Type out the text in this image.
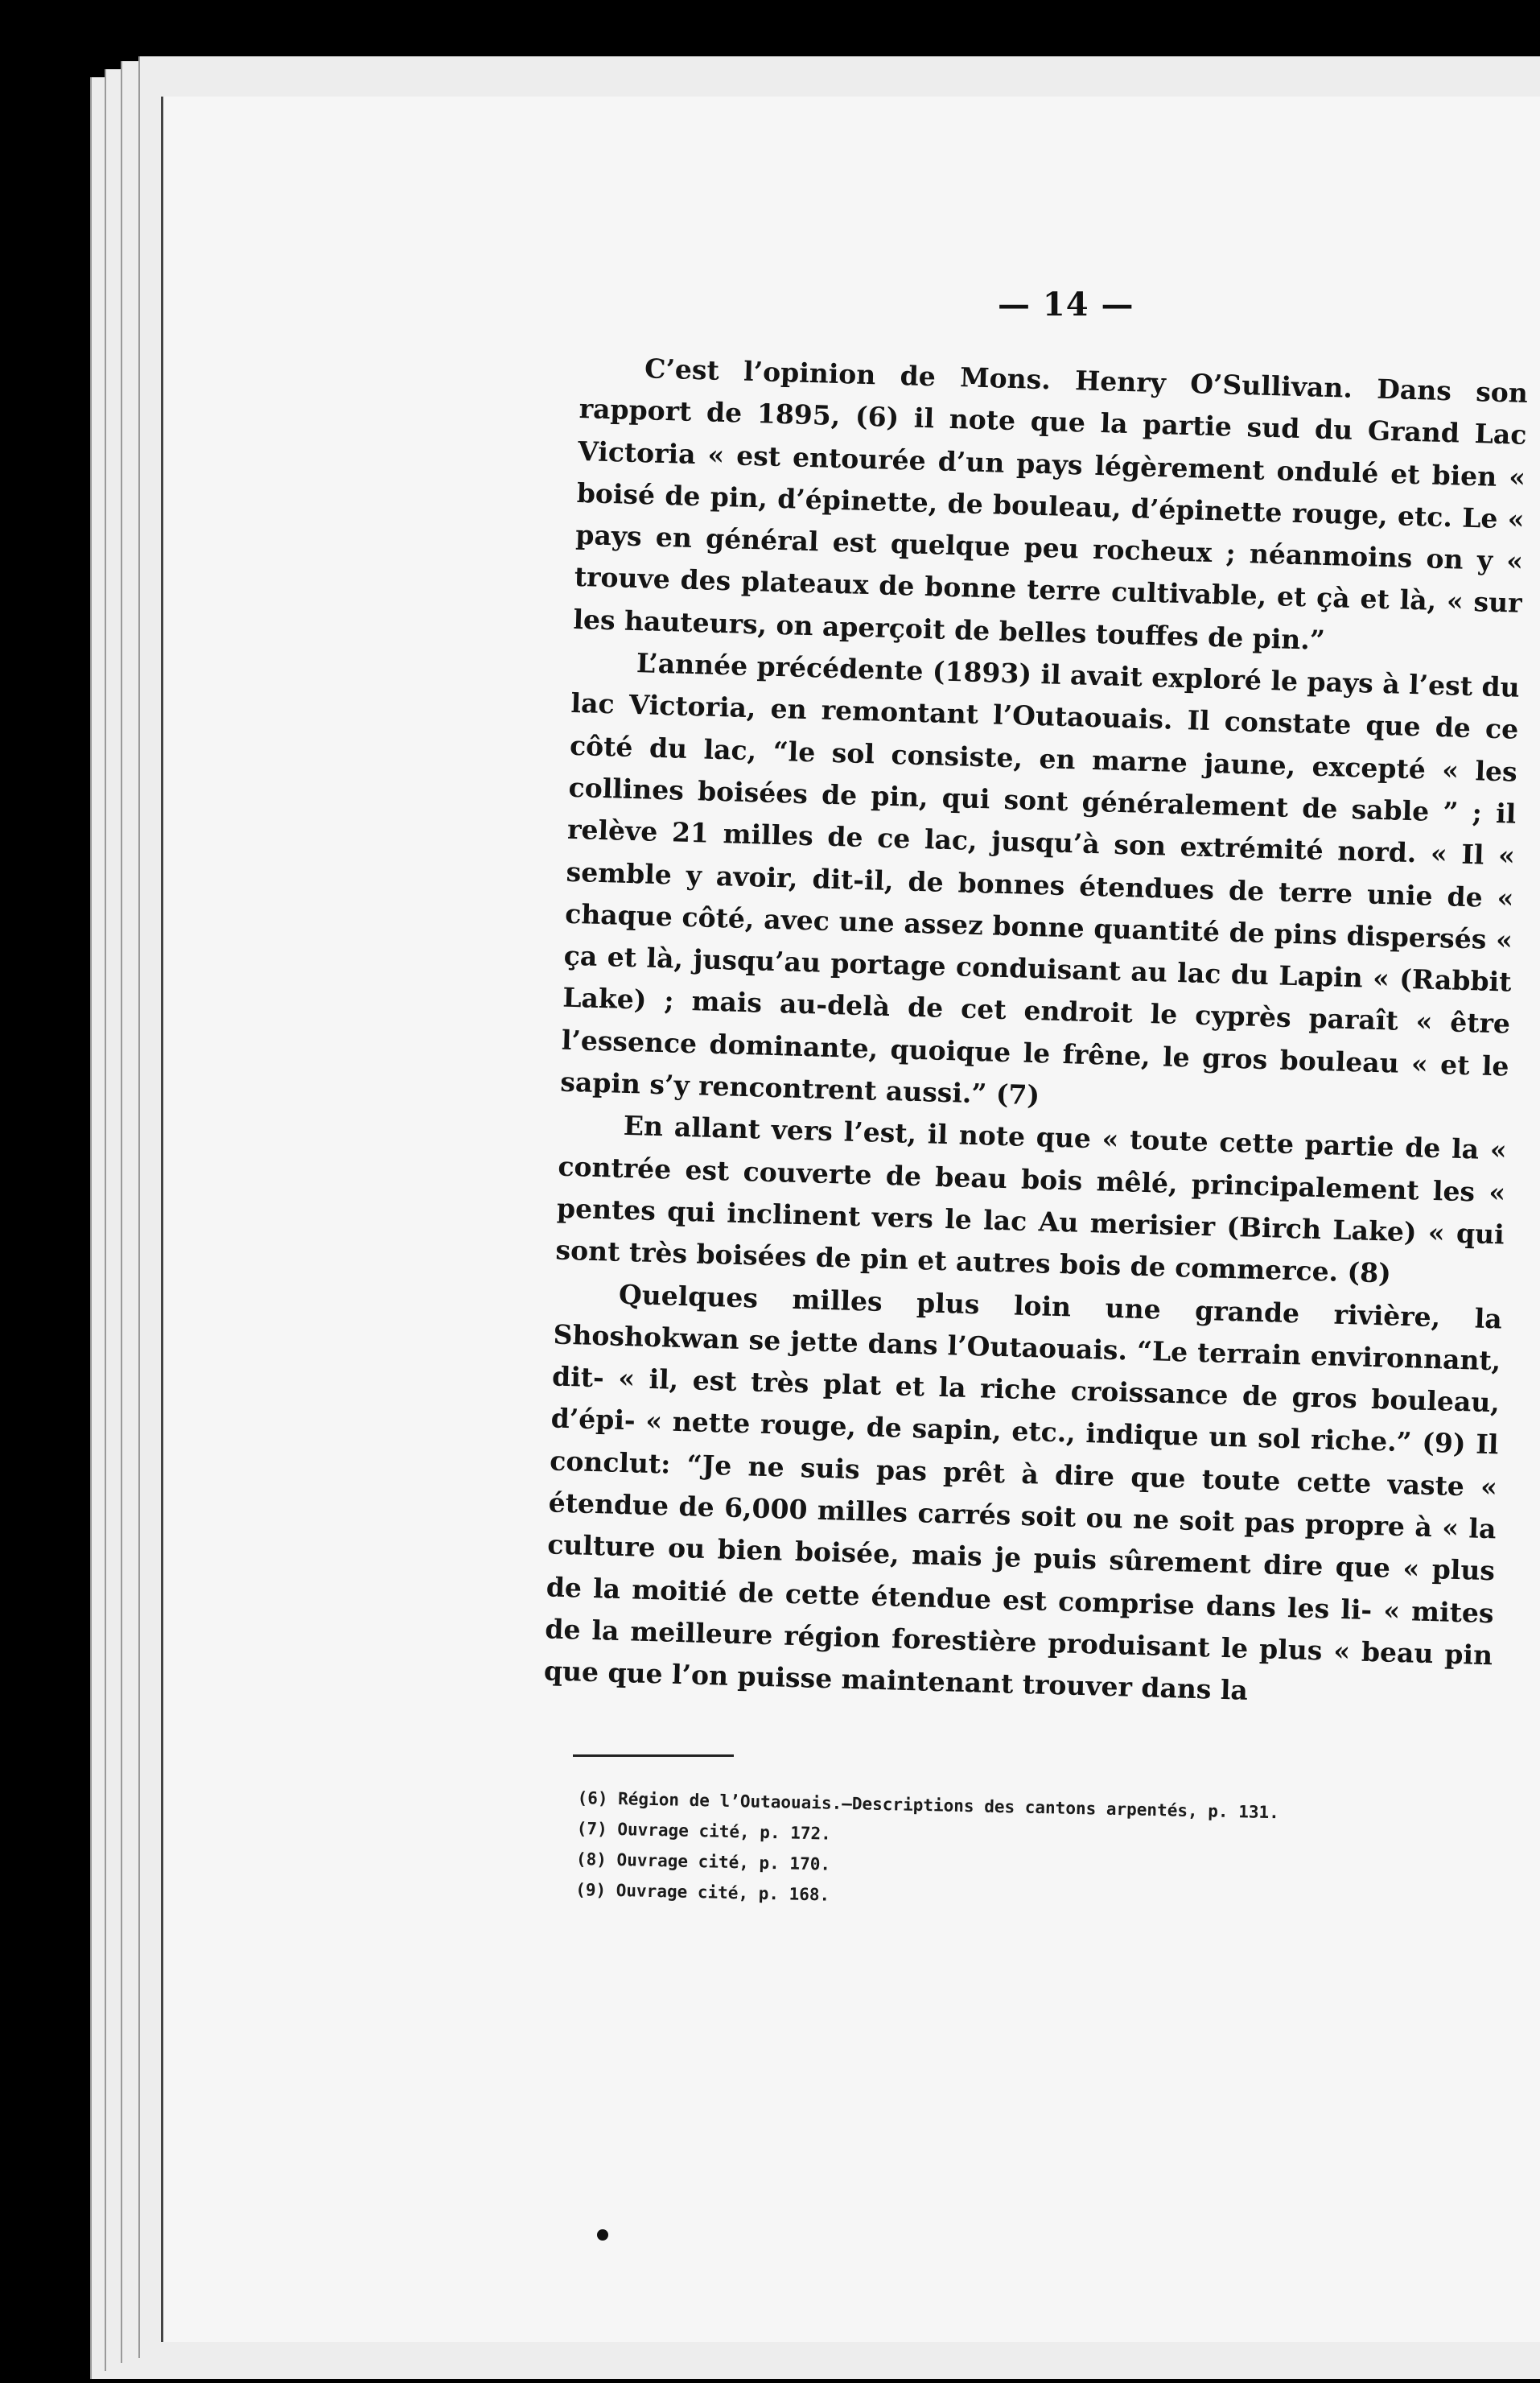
— 14 —

C’est l’opinion de Mons. Henry O’Sullivan. Dans son rapport de 1895, (6) il note que la partie sud du Grand Lac Victoria « est entourée d’un pays légèrement ondulé et bien « boisé de pin, d’épinette, de bouleau, d’épinette rouge, etc. Le « pays en général est quelque peu rocheux ; néanmoins on y « trouve des plateaux de bonne terre cultivable, et çà et là, « sur les hauteurs, on aperçoit de belles touffes de pin.”

L’année précédente (1893) il avait exploré le pays à l’est du lac Victoria, en remontant l’Outaouais. Il constate que de ce côté du lac, “le sol consiste, en marne jaune, excepté « les collines boisées de pin, qui sont généralement de sable ” ; il relève 21 milles de ce lac, jusqu’à son extrémité nord. « Il « semble y avoir, dit-il, de bonnes étendues de terre unie de « chaque côté, avec une assez bonne quantité de pins dispersés « ça et là, jusqu’au portage conduisant au lac du Lapin « (Rabbit Lake) ; mais au-delà de cet endroit le cyprès paraît « être l’essence dominante, quoique le frêne, le gros bouleau « et le sapin s’y rencontrent aussi.” (7)

En allant vers l’est, il note que « toute cette partie de la « contrée est couverte de beau bois mêlé, principalement les « pentes qui inclinent vers le lac Au merisier (Birch Lake) « qui sont très boisées de pin et autres bois de commerce. (8)

Quelques milles plus loin une grande rivière, la Shoshokwan se jette dans l’Outaouais. “Le terrain environnant, dit- « il, est très plat et la riche croissance de gros bouleau, d’épi- « nette rouge, de sapin, etc., indique un sol riche.” (9) Il conclut: “Je ne suis pas prêt à dire que toute cette vaste « étendue de 6,000 milles carrés soit ou ne soit pas propre à « la culture ou bien boisée, mais je puis sûrement dire que « plus de la moitié de cette étendue est comprise dans les li- « mites de la meilleure région forestière produisant le plus « beau pin que que l’on puisse maintenant trouver dans la

(6) Région de l’Outaouais.—Descriptions des cantons arpentés, p. 131.
(7) Ouvrage cité, p. 172.
(8) Ouvrage cité, p. 170.
(9) Ouvrage cité, p. 168.
